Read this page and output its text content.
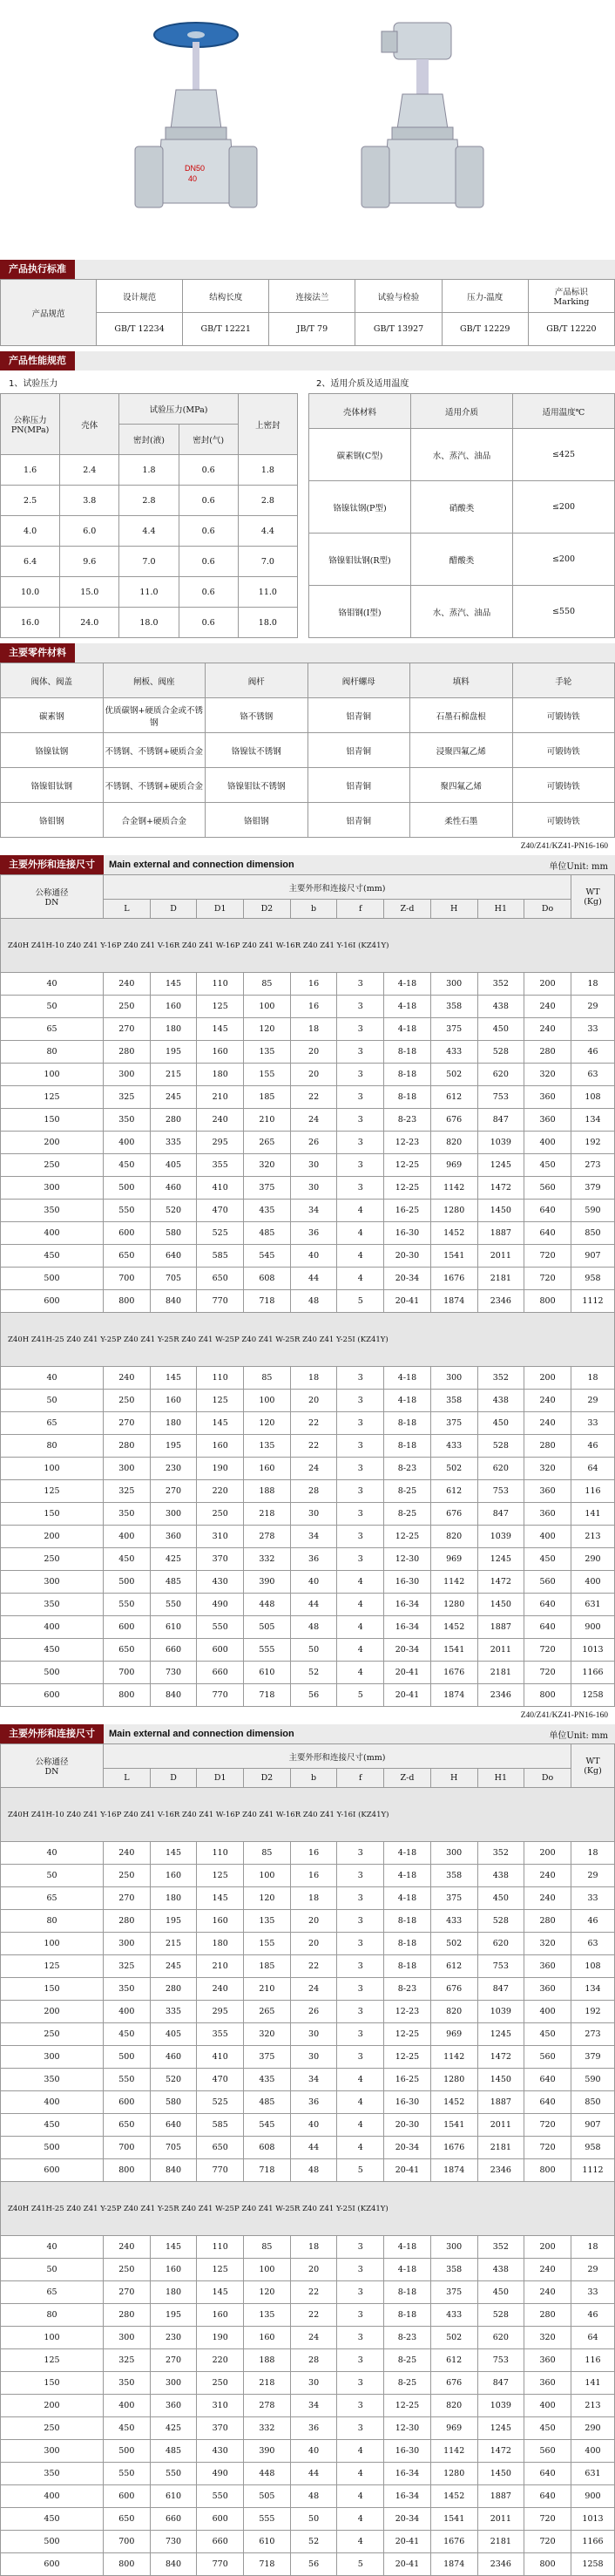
DN50
40
产品执行标准
产品规范	设计规范	结构长度	连接法兰	试验与检验	压力-温度	产品标识
Marking
	GB/T 12234	GB/T 12221	JB/T 79	GB/T 13927	GB/T 12229	GB/T 12220
产品性能规范
1、试验压力	2、适用介质及适用温度
公称压力PN(MPa)	壳体	试验压力(MPa)		上密封
		密封(液)	密封(气)	
1.6	2.4	1.8	0.6	1.8
2.5	3.8	2.8	0.6	2.8
4.0	6.0	4.4	0.6	4.4
6.4	9.6	7.0	0.6	7.0
10.0	15.0	11.0	0.6	11.0
16.0	24.0	18.0	0.6	18.0
壳体材料	适用介质	适用温度℃
碳素钢(C型)	水、蒸汽、油品	≤425
铬镍钛钢(P型)	硝酸类	≤200
铬镍钼钛钢(R型)	醋酸类	≤200
铬钼钢(I型)	水、蒸汽、油品	≤550
主要零件材料
阀体、阀盖	闸板、阀座	阀杆	阀杆螺母	填料	手轮
碳素钢	优质碳钢+硬质合金或不锈钢	铬不锈钢	铝青铜	石墨石棉盘根	可锻铸铁
铬镍钛钢	不锈钢、不锈钢+硬质合金	铬镍钛不锈钢	铝青铜	浸聚四氟乙烯	可锻铸铁
铬镍钼钛钢	不锈钢、不锈钢+硬质合金	铬镍钼钛不锈钢	铝青铜	聚四氟乙烯	可锻铸铁
铬钼钢	合金钢+硬质合金	铬钼钢	铝青铜	柔性石墨	可锻铸铁
Z40/Z41/KZ41-PN16-160
主要外形和连接尺寸	Main external and connection dimension	单位Unit: mm
公称通径
DN	主要外形和连接尺寸(mm)										WT
(Kg)
	L	D	D1	D2	b	f	Z-d	H	H1	Do	
Z40H Z41H-10 Z40 Z41 Y-16P Z40 Z41 V-16R Z40 Z41 W-16P Z40 Z41 W-16R Z40 Z41 Y-16I (KZ41Y)											
40	240	145	110	85	16	3	4-18	300	352	200	18
50	250	160	125	100	16	3	4-18	358	438	240	29
65	270	180	145	120	18	3	4-18	375	450	240	33
80	280	195	160	135	20	3	8-18	433	528	280	46
100	300	215	180	155	20	3	8-18	502	620	320	63
125	325	245	210	185	22	3	8-18	612	753	360	108
150	350	280	240	210	24	3	8-23	676	847	360	134
200	400	335	295	265	26	3	12-23	820	1039	400	192
250	450	405	355	320	30	3	12-25	969	1245	450	273
300	500	460	410	375	30	3	12-25	1142	1472	560	379
350	550	520	470	435	34	4	16-25	1280	1450	640	590
400	600	580	525	485	36	4	16-30	1452	1887	640	850
450	650	640	585	545	40	4	20-30	1541	2011	720	907
500	700	705	650	608	44	4	20-34	1676	2181	720	958
600	800	840	770	718	48	5	20-41	1874	2346	800	1112
Z40H Z41H-25 Z40 Z41 Y-25P Z40 Z41 Y-25R Z40 Z41 W-25P Z40 Z41 W-25R Z40 Z41 Y-25I (KZ41Y)											
40	240	145	110	85	18	3	4-18	300	352	200	18
50	250	160	125	100	20	3	4-18	358	438	240	29
65	270	180	145	120	22	3	8-18	375	450	240	33
80	280	195	160	135	22	3	8-18	433	528	280	46
100	300	230	190	160	24	3	8-23	502	620	320	64
125	325	270	220	188	28	3	8-25	612	753	360	116
150	350	300	250	218	30	3	8-25	676	847	360	141
200	400	360	310	278	34	3	12-25	820	1039	400	213
250	450	425	370	332	36	3	12-30	969	1245	450	290
300	500	485	430	390	40	4	16-30	1142	1472	560	400
350	550	550	490	448	44	4	16-34	1280	1450	640	631
400	600	610	550	505	48	4	16-34	1452	1887	640	900
450	650	660	600	555	50	4	20-34	1541	2011	720	1013
500	700	730	660	610	52	4	20-41	1676	2181	720	1166
600	800	840	770	718	56	5	20-41	1874	2346	800	1258
Z40/Z41/KZ41-PN16-160
主要外形和连接尺寸	Main external and connection dimension	单位Unit: mm
公称通径
DN	主要外形和连接尺寸(mm)										WT
(Kg)
	L	D	D1	D2	b	f	Z-d	H	H1	Do	
Z40H Z41H-10 Z40 Z41 Y-16P Z40 Z41 V-16R Z40 Z41 W-16P Z40 Z41 W-16R Z40 Z41 Y-16I (KZ41Y)											
40	240	145	110	85	16	3	4-18	300	352	200	18
50	250	160	125	100	16	3	4-18	358	438	240	29
65	270	180	145	120	18	3	4-18	375	450	240	33
80	280	195	160	135	20	3	8-18	433	528	280	46
100	300	215	180	155	20	3	8-18	502	620	320	63
125	325	245	210	185	22	3	8-18	612	753	360	108
150	350	280	240	210	24	3	8-23	676	847	360	134
200	400	335	295	265	26	3	12-23	820	1039	400	192
250	450	405	355	320	30	3	12-25	969	1245	450	273
300	500	460	410	375	30	3	12-25	1142	1472	560	379
350	550	520	470	435	34	4	16-25	1280	1450	640	590
400	600	580	525	485	36	4	16-30	1452	1887	640	850
450	650	640	585	545	40	4	20-30	1541	2011	720	907
500	700	705	650	608	44	4	20-34	1676	2181	720	958
600	800	840	770	718	48	5	20-41	1874	2346	800	1112
Z40H Z41H-25 Z40 Z41 Y-25P Z40 Z41 Y-25R Z40 Z41 W-25P Z40 Z41 W-25R Z40 Z41 Y-25I (KZ41Y)											
40	240	145	110	85	18	3	4-18	300	352	200	18
50	250	160	125	100	20	3	4-18	358	438	240	29
65	270	180	145	120	22	3	8-18	375	450	240	33
80	280	195	160	135	22	3	8-18	433	528	280	46
100	300	230	190	160	24	3	8-23	502	620	320	64
125	325	270	220	188	28	3	8-25	612	753	360	116
150	350	300	250	218	30	3	8-25	676	847	360	141
200	400	360	310	278	34	3	12-25	820	1039	400	213
250	450	425	370	332	36	3	12-30	969	1245	450	290
300	500	485	430	390	40	4	16-30	1142	1472	560	400
350	550	550	490	448	44	4	16-34	1280	1450	640	631
400	600	610	550	505	48	4	16-34	1452	1887	640	900
450	650	660	600	555	50	4	20-34	1541	2011	720	1013
500	700	730	660	610	52	4	20-41	1676	2181	720	1166
600	800	840	770	718	56	5	20-41	1874	2346	800	1258
